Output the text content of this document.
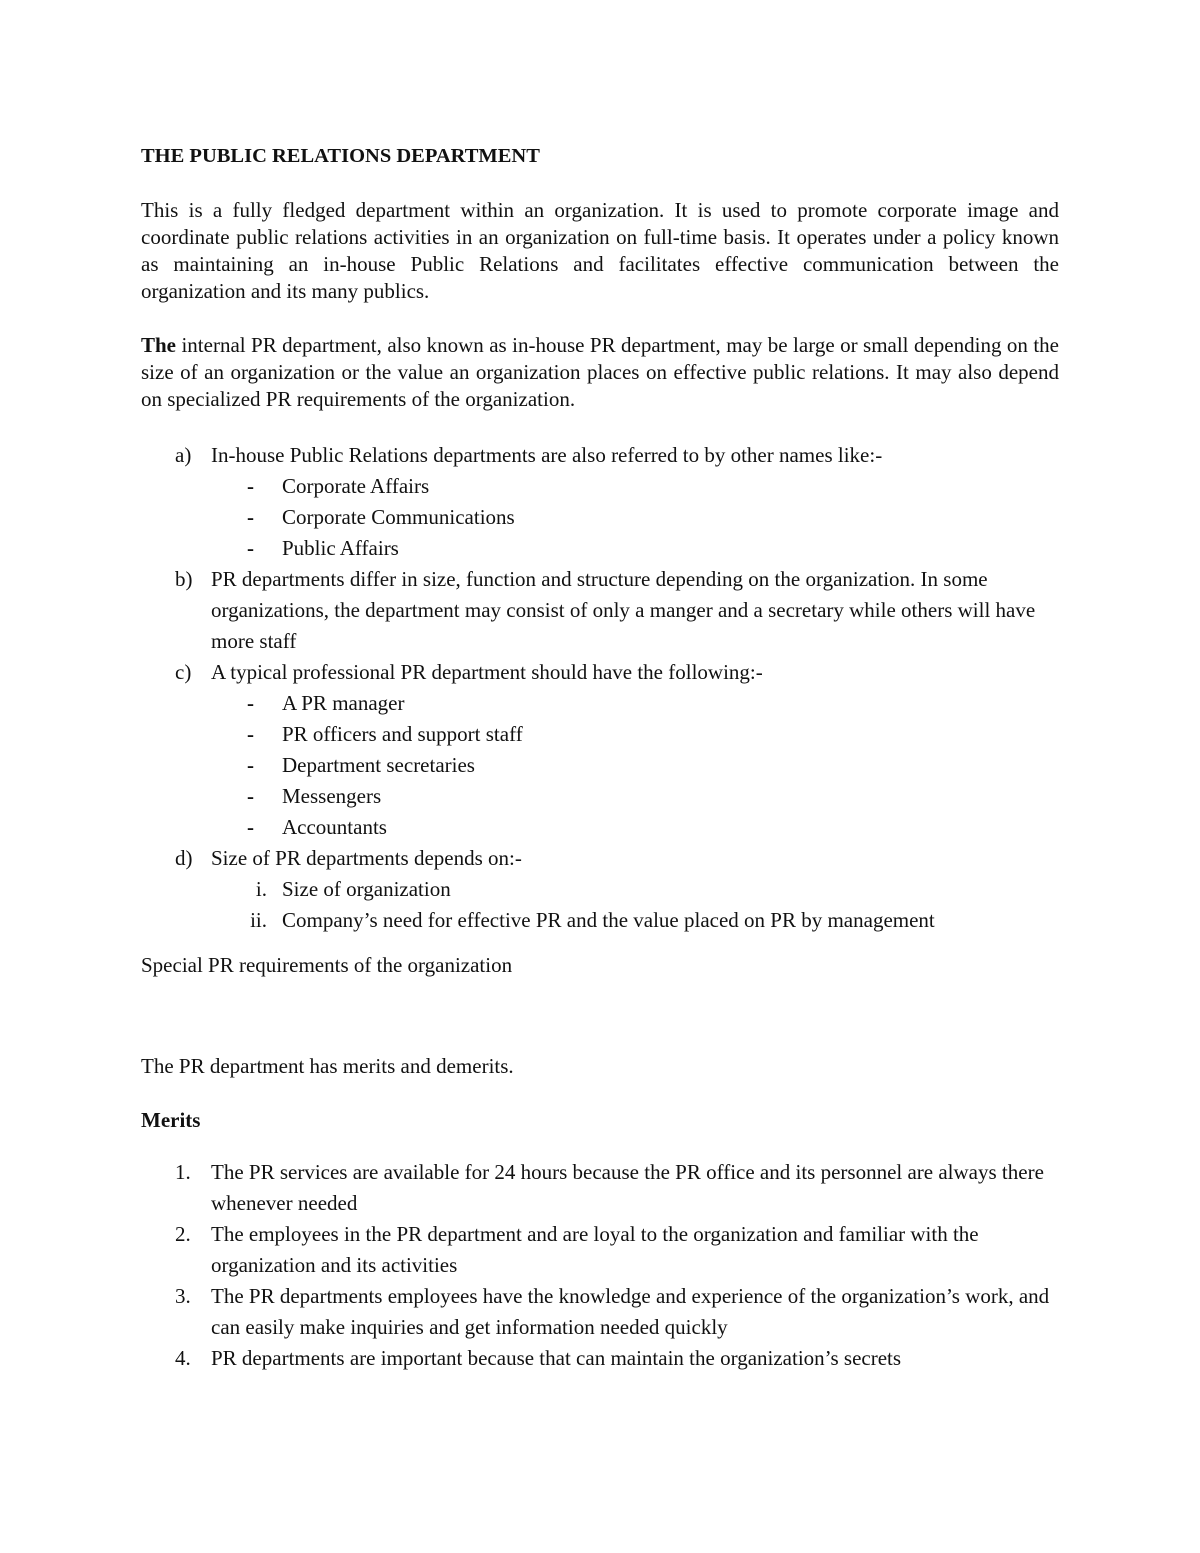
THE PUBLIC RELATIONS DEPARTMENT
This is a fully fledged department within an organization. It is used to promote corporate image and coordinate public relations activities in an organization on full-time basis. It operates under a policy known as maintaining an in-house Public Relations and facilitates effective communication between the organization and its many publics.
The internal PR department, also known as in-house PR department, may be large or small depending on the size of an organization or the value an organization places on effective public relations. It may also depend on specialized PR requirements of the organization.
a) In-house Public Relations departments are also referred to by other names like:-
- Corporate Affairs
- Corporate Communications
- Public Affairs
b) PR departments differ in size, function and structure depending on the organization. In some organizations, the department may consist of only a manger and a secretary while others will have more staff
c) A typical professional PR department should have the following:-
- A PR manager
- PR officers and support staff
- Department secretaries
- Messengers
- Accountants
d) Size of PR departments depends on:-
i. Size of organization
ii. Company’s need for effective PR and the value placed on PR by management
Special PR requirements of the organization
The PR department has merits and demerits.
Merits
1. The PR services are available for 24 hours because the PR office and its personnel are always there whenever needed
2. The employees in the PR department and are loyal to the organization and familiar with the organization and its activities
3. The PR departments employees have the knowledge and experience of the organization’s work, and can easily make inquiries and get information needed quickly
4. PR departments are important because that can maintain the organization’s secrets
